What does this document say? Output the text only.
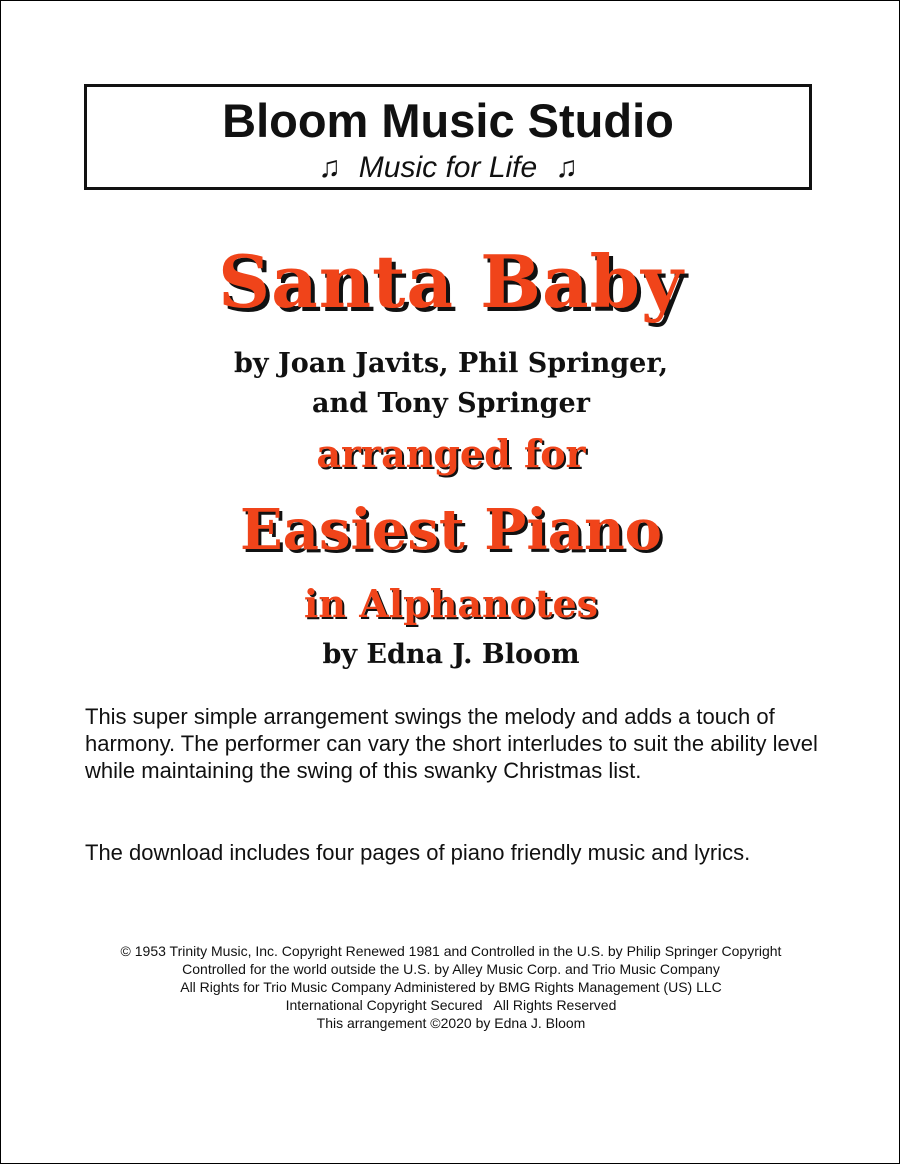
Bloom Music Studio
♫ Music for Life ♫
Santa Baby
by Joan Javits, Phil Springer,
and Tony Springer
arranged for
Easiest Piano
in Alphanotes
by Edna J. Bloom

This super simple arrangement swings the melody and adds a touch of harmony. The performer can vary the short interludes to suit the ability level while maintaining the swing of this swanky Christmas list.

The download includes four pages of piano friendly music and lyrics.

© 1953 Trinity Music, Inc. Copyright Renewed 1981 and Controlled in the U.S. by Philip Springer Copyright
Controlled for the world outside the U.S. by Alley Music Corp. and Trio Music Company
All Rights for Trio Music Company Administered by BMG Rights Management (US) LLC
International Copyright Secured   All Rights Reserved
This arrangement ©2020 by Edna J. Bloom
